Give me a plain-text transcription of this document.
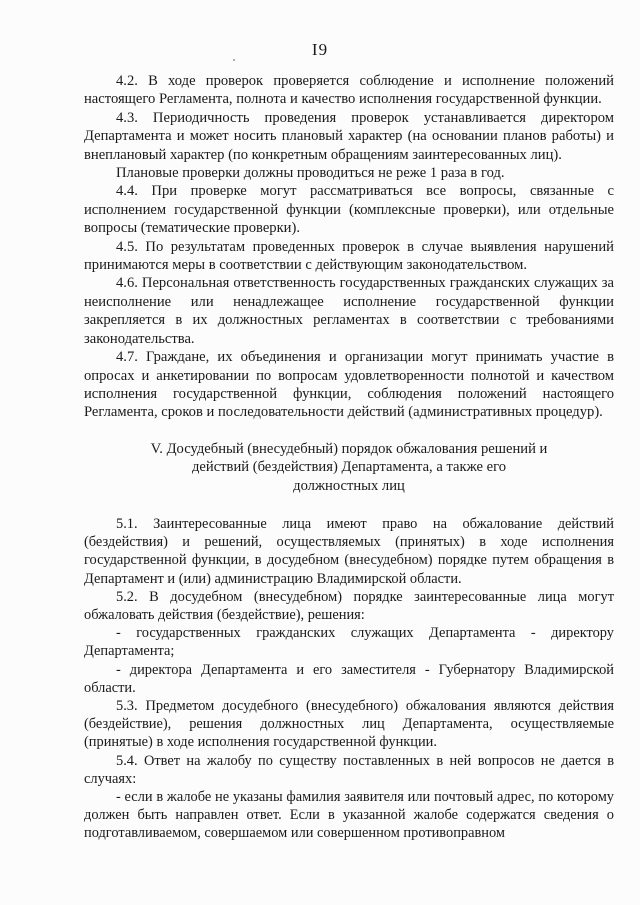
I9

4.2. В ходе проверок проверяется соблюдение и исполнение положений настоящего Регламента, полнота и качество исполнения государственной функции.

4.3. Периодичность проведения проверок устанавливается директором Департамента и может носить плановый характер (на основании планов работы) и внеплановый характер (по конкретным обращениям заинтересованных лиц).

Плановые проверки должны проводиться не реже 1 раза в год.

4.4. При проверке могут рассматриваться все вопросы, связанные с исполнением государственной функции (комплексные проверки), или отдельные вопросы (тематические проверки).

4.5. По результатам проведенных проверок в случае выявления нарушений принимаются меры в соответствии с действующим законодательством.

4.6. Персональная ответственность государственных гражданских служащих за неисполнение или ненадлежащее исполнение государственной функции закрепляется в их должностных регламентах в соответствии с требованиями законодательства.

4.7. Граждане, их объединения и организации могут принимать участие в опросах и анкетировании по вопросам удовлетворенности полнотой и качеством исполнения государственной функции, соблюдения положений настоящего Регламента, сроков и последовательности действий (административных процедур).

V. Досудебный (внесудебный) порядок обжалования решений и
действий (бездействия) Департамента, а также его
должностных лиц

5.1. Заинтересованные лица имеют право на обжалование действий (бездействия) и решений, осуществляемых (принятых) в ходе исполнения государственной функции, в досудебном (внесудебном) порядке путем обращения в Департамент и (или) администрацию Владимирской области.

5.2. В досудебном (внесудебном) порядке заинтересованные лица могут обжаловать действия (бездействие), решения:

- государственных гражданских служащих Департамента - директору Департамента;

- директора Департамента и его заместителя - Губернатору Владимирской области.

5.3. Предметом досудебного (внесудебного) обжалования являются действия (бездействие), решения должностных лиц Департамента, осуществляемые (принятые) в ходе исполнения государственной функции.

5.4. Ответ на жалобу по существу поставленных в ней вопросов не дается в случаях:

- если в жалобе не указаны фамилия заявителя или почтовый адрес, по которому должен быть направлен ответ. Если в указанной жалобе содержатся сведения о подготавливаемом, совершаемом или совершенном противоправном
